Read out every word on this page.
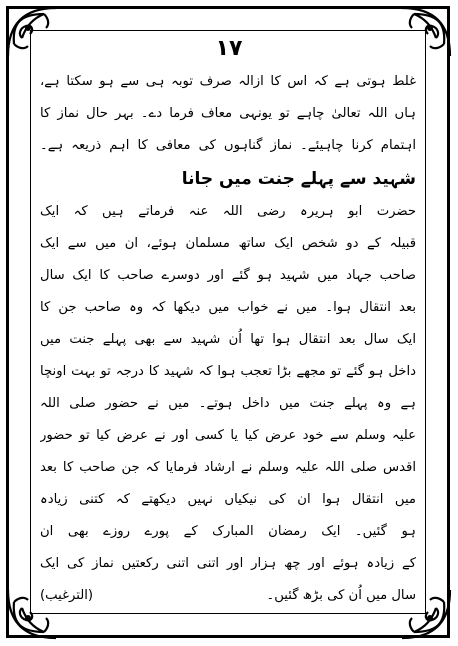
۱۷
غلط ہوتی ہے کہ اس کا ازالہ صرف توبہ ہی سے ہو سکتا ہے،
ہاں اللہ تعالیٰ چاہے تو یونہی معاف فرما دے۔ بہر حال نماز کا
اہتمام کرنا چاہیئے۔ نماز گناہوں کی معافی کا اہم ذریعہ ہے۔
شہید سے پہلے جنت میں جانا
حضرت ابو ہریرہ رضی اللہ عنہ فرماتے ہیں کہ ایک
قبیلہ کے دو شخص ایک ساتھ مسلمان ہوئے، ان میں سے ایک
صاحب جہاد میں شہید ہو گئے اور دوسرے صاحب کا ایک سال
بعد انتقال ہوا۔ میں نے خواب میں دیکھا کہ وہ صاحب جن کا
ایک سال بعد انتقال ہوا تھا اُن شہید سے بھی پہلے جنت میں
داخل ہو گئے تو مجھے بڑا تعجب ہوا کہ شہید کا درجہ تو بہت اونچا
ہے وہ پہلے جنت میں داخل ہوتے۔ میں نے حضور صلی اللہ
علیہ وسلم سے خود عرض کیا یا کسی اور نے عرض کیا تو حضور
اقدس صلی اللہ علیہ وسلم نے ارشاد فرمایا کہ جن صاحب کا بعد
میں انتقال ہوا ان کی نیکیاں نہیں دیکھتے کہ کتنی زیادہ
ہو گئیں۔ ایک رمضان المبارک کے پورے روزے بھی ان
کے زیادہ ہوئے اور چھ ہزار اور اتنی اتنی رکعتیں نماز کی ایک
سال میں اُن کی بڑھ گئیں۔
(الترغیب)
